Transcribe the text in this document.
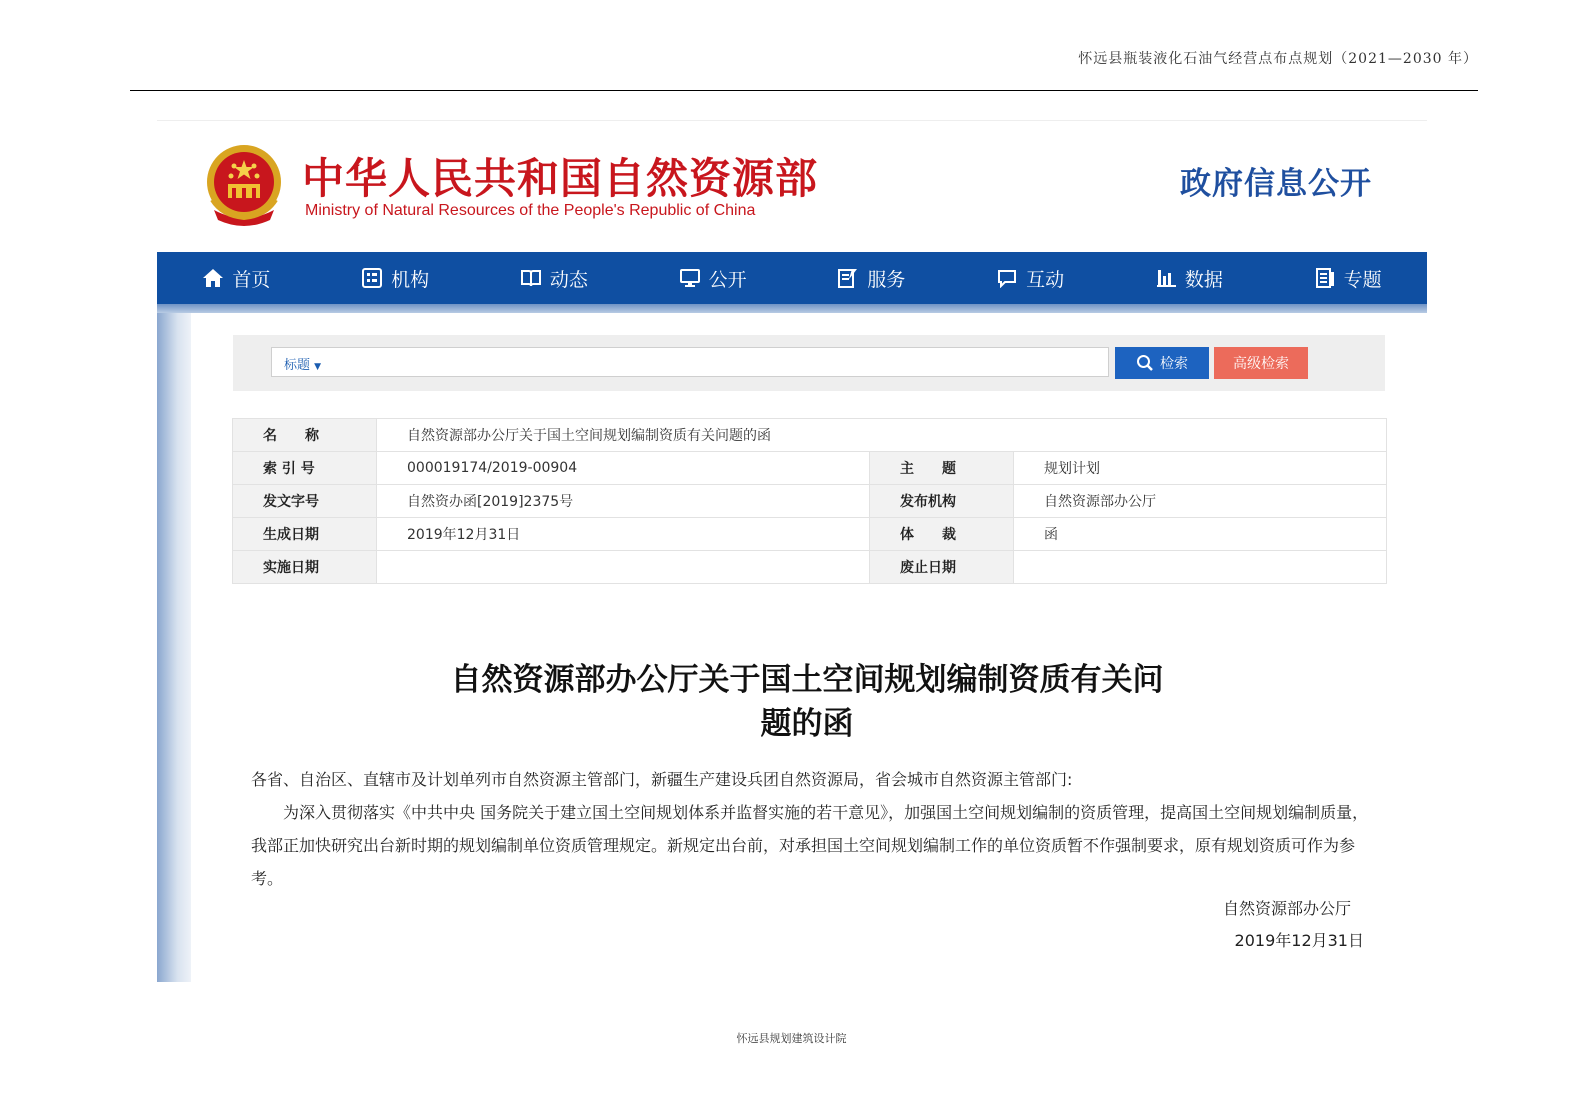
怀远县瓶装液化石油气经营点布点规划（2021—2030 年）
中华人民共和国自然资源部
Ministry of Natural Resources of the People's Republic of China
政府信息公开
首页	机构	动态	公开	服务	互动	数据	专题
标题 ▼	检索	高级检索
名　　称	自然资源部办公厅关于国土空间规划编制资质有关问题的函		
索 引 号	000019174/2019-00904	主　　题	规划计划
发文字号	自然资办函[2019]2375号	发布机构	自然资源部办公厅
生成日期	2019年12月31日	体　　裁	函
实施日期		废止日期	
自然资源部办公厅关于国土空间规划编制资质有关问
题的函

各省、自治区、直辖市及计划单列市自然资源主管部门，新疆生产建设兵团自然资源局，省会城市自然资源主管部门:

为深入贯彻落实《中共中央 国务院关于建立国土空间规划体系并监督实施的若干意见》，加强国土空间规划编制的资质管理，提高国土空间规划编制质量，我部正加快研究出台新时期的规划编制单位资质管理规定。新规定出台前，对承担国土空间规划编制工作的单位资质暂不作强制要求，原有规划资质可作为参考。

自然资源部办公厅
2019年12月31日
怀远县规划建筑设计院
